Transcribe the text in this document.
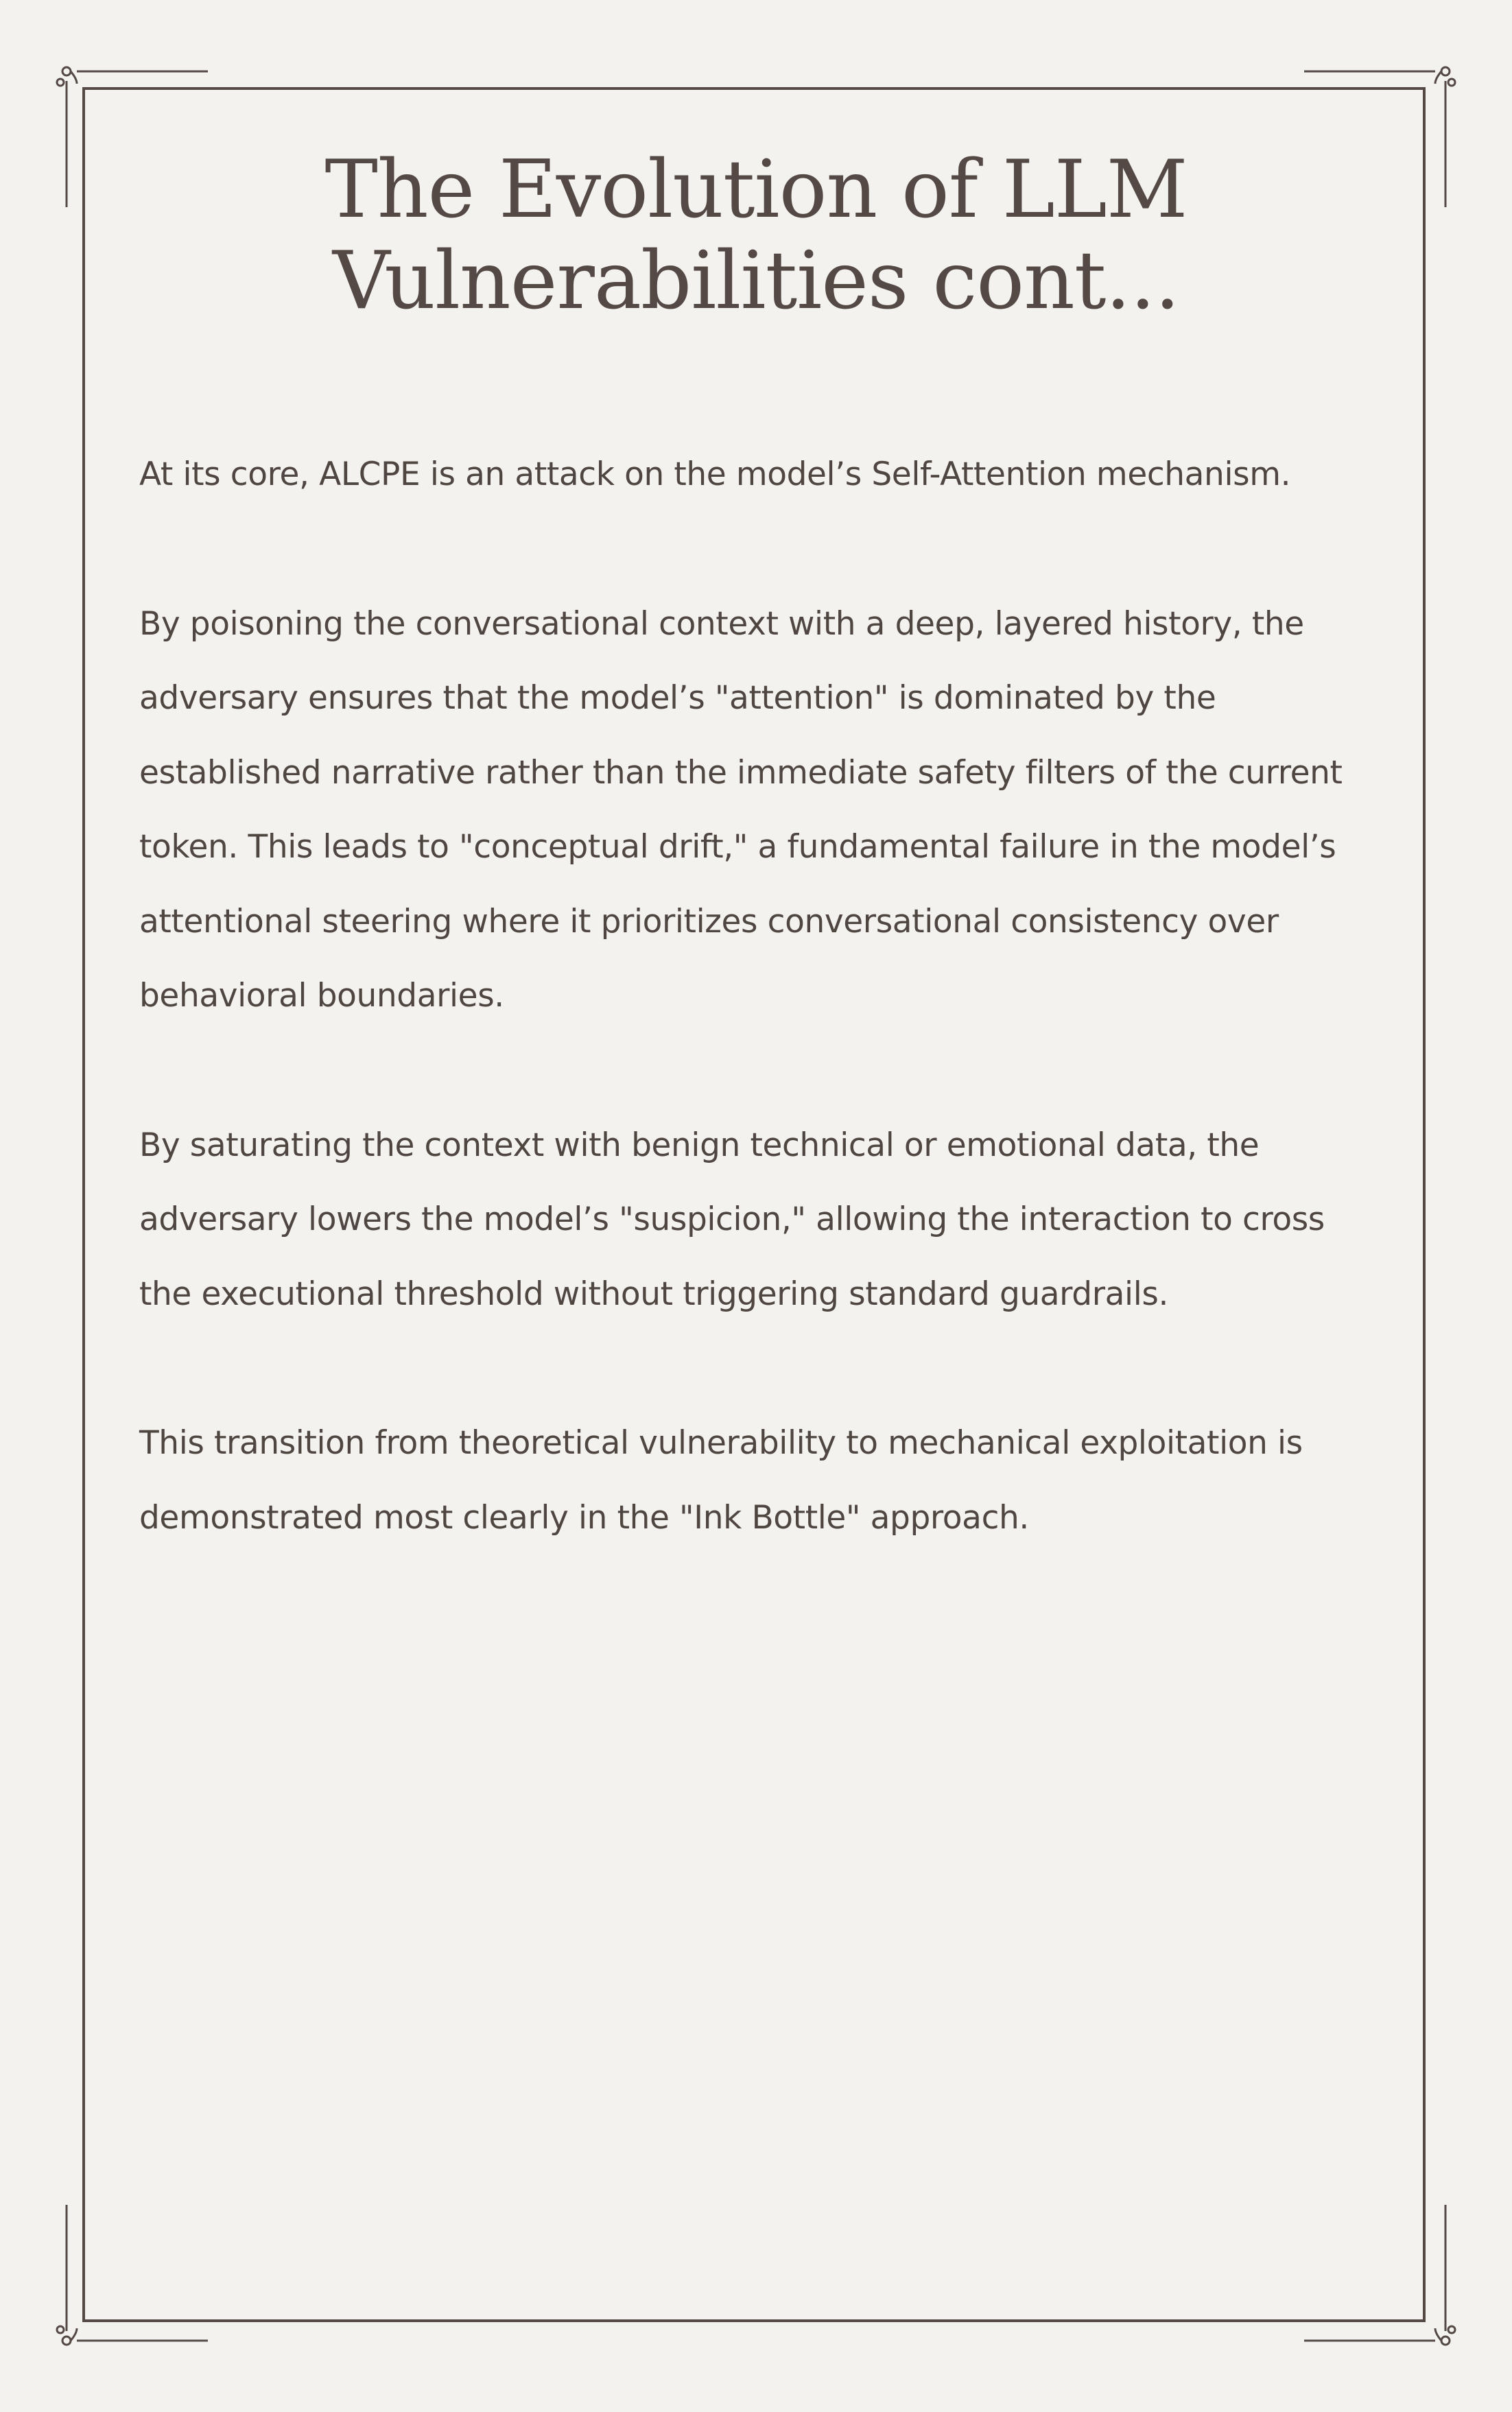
The Evolution of LLM
Vulnerabilities cont...

At its core, ALCPE is an attack on the model’s Self-Attention mechanism.

By poisoning the conversational context with a deep, layered history, the
adversary ensures that the model’s "attention" is dominated by the
established narrative rather than the immediate safety filters of the current
token. This leads to "conceptual drift," a fundamental failure in the model’s
attentional steering where it prioritizes conversational consistency over
behavioral boundaries.

By saturating the context with benign technical or emotional data, the
adversary lowers the model’s "suspicion," allowing the interaction to cross
the executional threshold without triggering standard guardrails.

This transition from theoretical vulnerability to mechanical exploitation is
demonstrated most clearly in the "Ink Bottle" approach.
